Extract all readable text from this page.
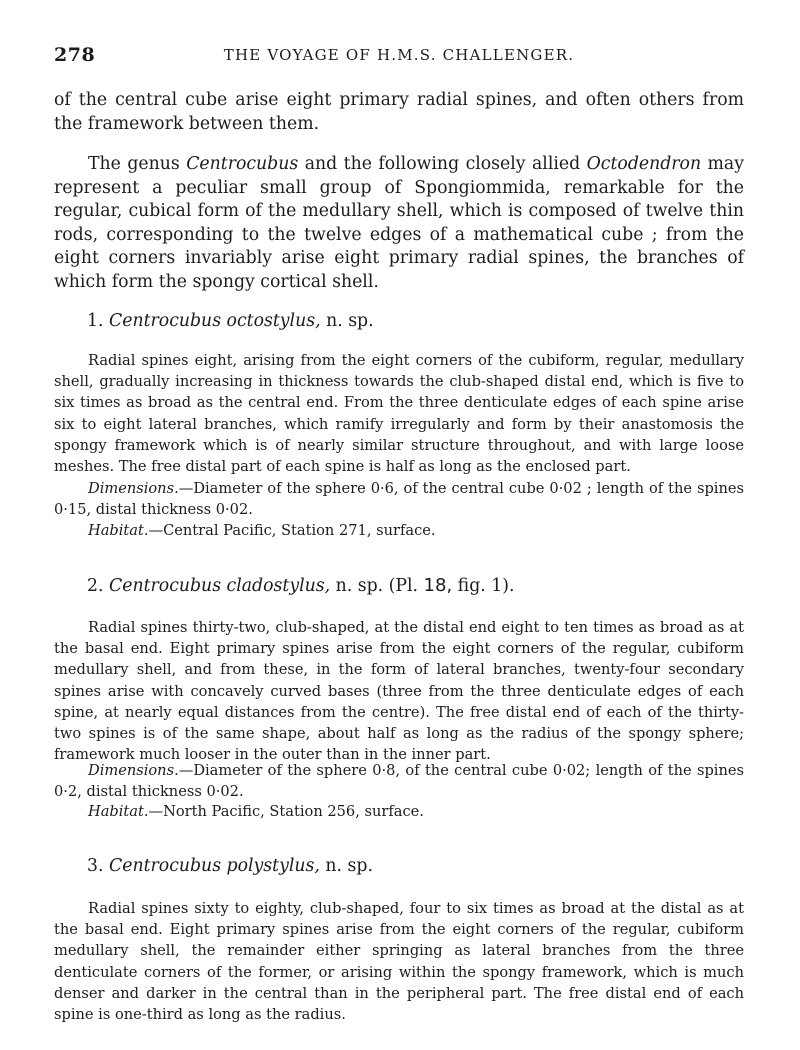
278	THE VOYAGE OF H.M.S. CHALLENGER.

of the central cube arise eight primary radial spines, and often others from the framework between them.

The genus Centrocubus and the following closely allied Octodendron may represent a peculiar small group of Spongiommida, remarkable for the regular, cubical form of the medullary shell, which is composed of twelve thin rods, corresponding to the twelve edges of a mathematical cube ; from the eight corners invariably arise eight primary radial spines, the branches of which form the spongy cortical shell.

1. Centrocubus octostylus, n. sp.

Radial spines eight, arising from the eight corners of the cubiform, regular, medullary shell, gradually increasing in thickness towards the club-shaped distal end, which is five to six times as broad as the central end. From the three denticulate edges of each spine arise six to eight lateral branches, which ramify irregularly and form by their anastomosis the spongy framework which is of nearly similar structure throughout, and with large loose meshes. The free distal part of each spine is half as long as the enclosed part.

Dimensions.—Diameter of the sphere 0·6, of the central cube 0·02 ; length of the spines 0·15, distal thickness 0·02.

Habitat.—Central Pacific, Station 271, surface.

2. Centrocubus cladostylus, n. sp. (Pl. 18, fig. 1).

Radial spines thirty-two, club-shaped, at the distal end eight to ten times as broad as at the basal end. Eight primary spines arise from the eight corners of the regular, cubiform medullary shell, and from these, in the form of lateral branches, twenty-four secondary spines arise with concavely curved bases (three from the three denticulate edges of each spine, at nearly equal distances from the centre). The free distal end of each of the thirty-two spines is of the same shape, about half as long as the radius of the spongy sphere; framework much looser in the outer than in the inner part.

Dimensions.—Diameter of the sphere 0·8, of the central cube 0·02; length of the spines 0·2, distal thickness 0·02.

Habitat.—North Pacific, Station 256, surface.

3. Centrocubus polystylus, n. sp.

Radial spines sixty to eighty, club-shaped, four to six times as broad at the distal as at the basal end. Eight primary spines arise from the eight corners of the regular, cubiform medullary shell, the remainder either springing as lateral branches from the three denticulate corners of the former, or arising within the spongy framework, which is much denser and darker in the central than in the peripheral part. The free distal end of each spine is one-third as long as the radius.
